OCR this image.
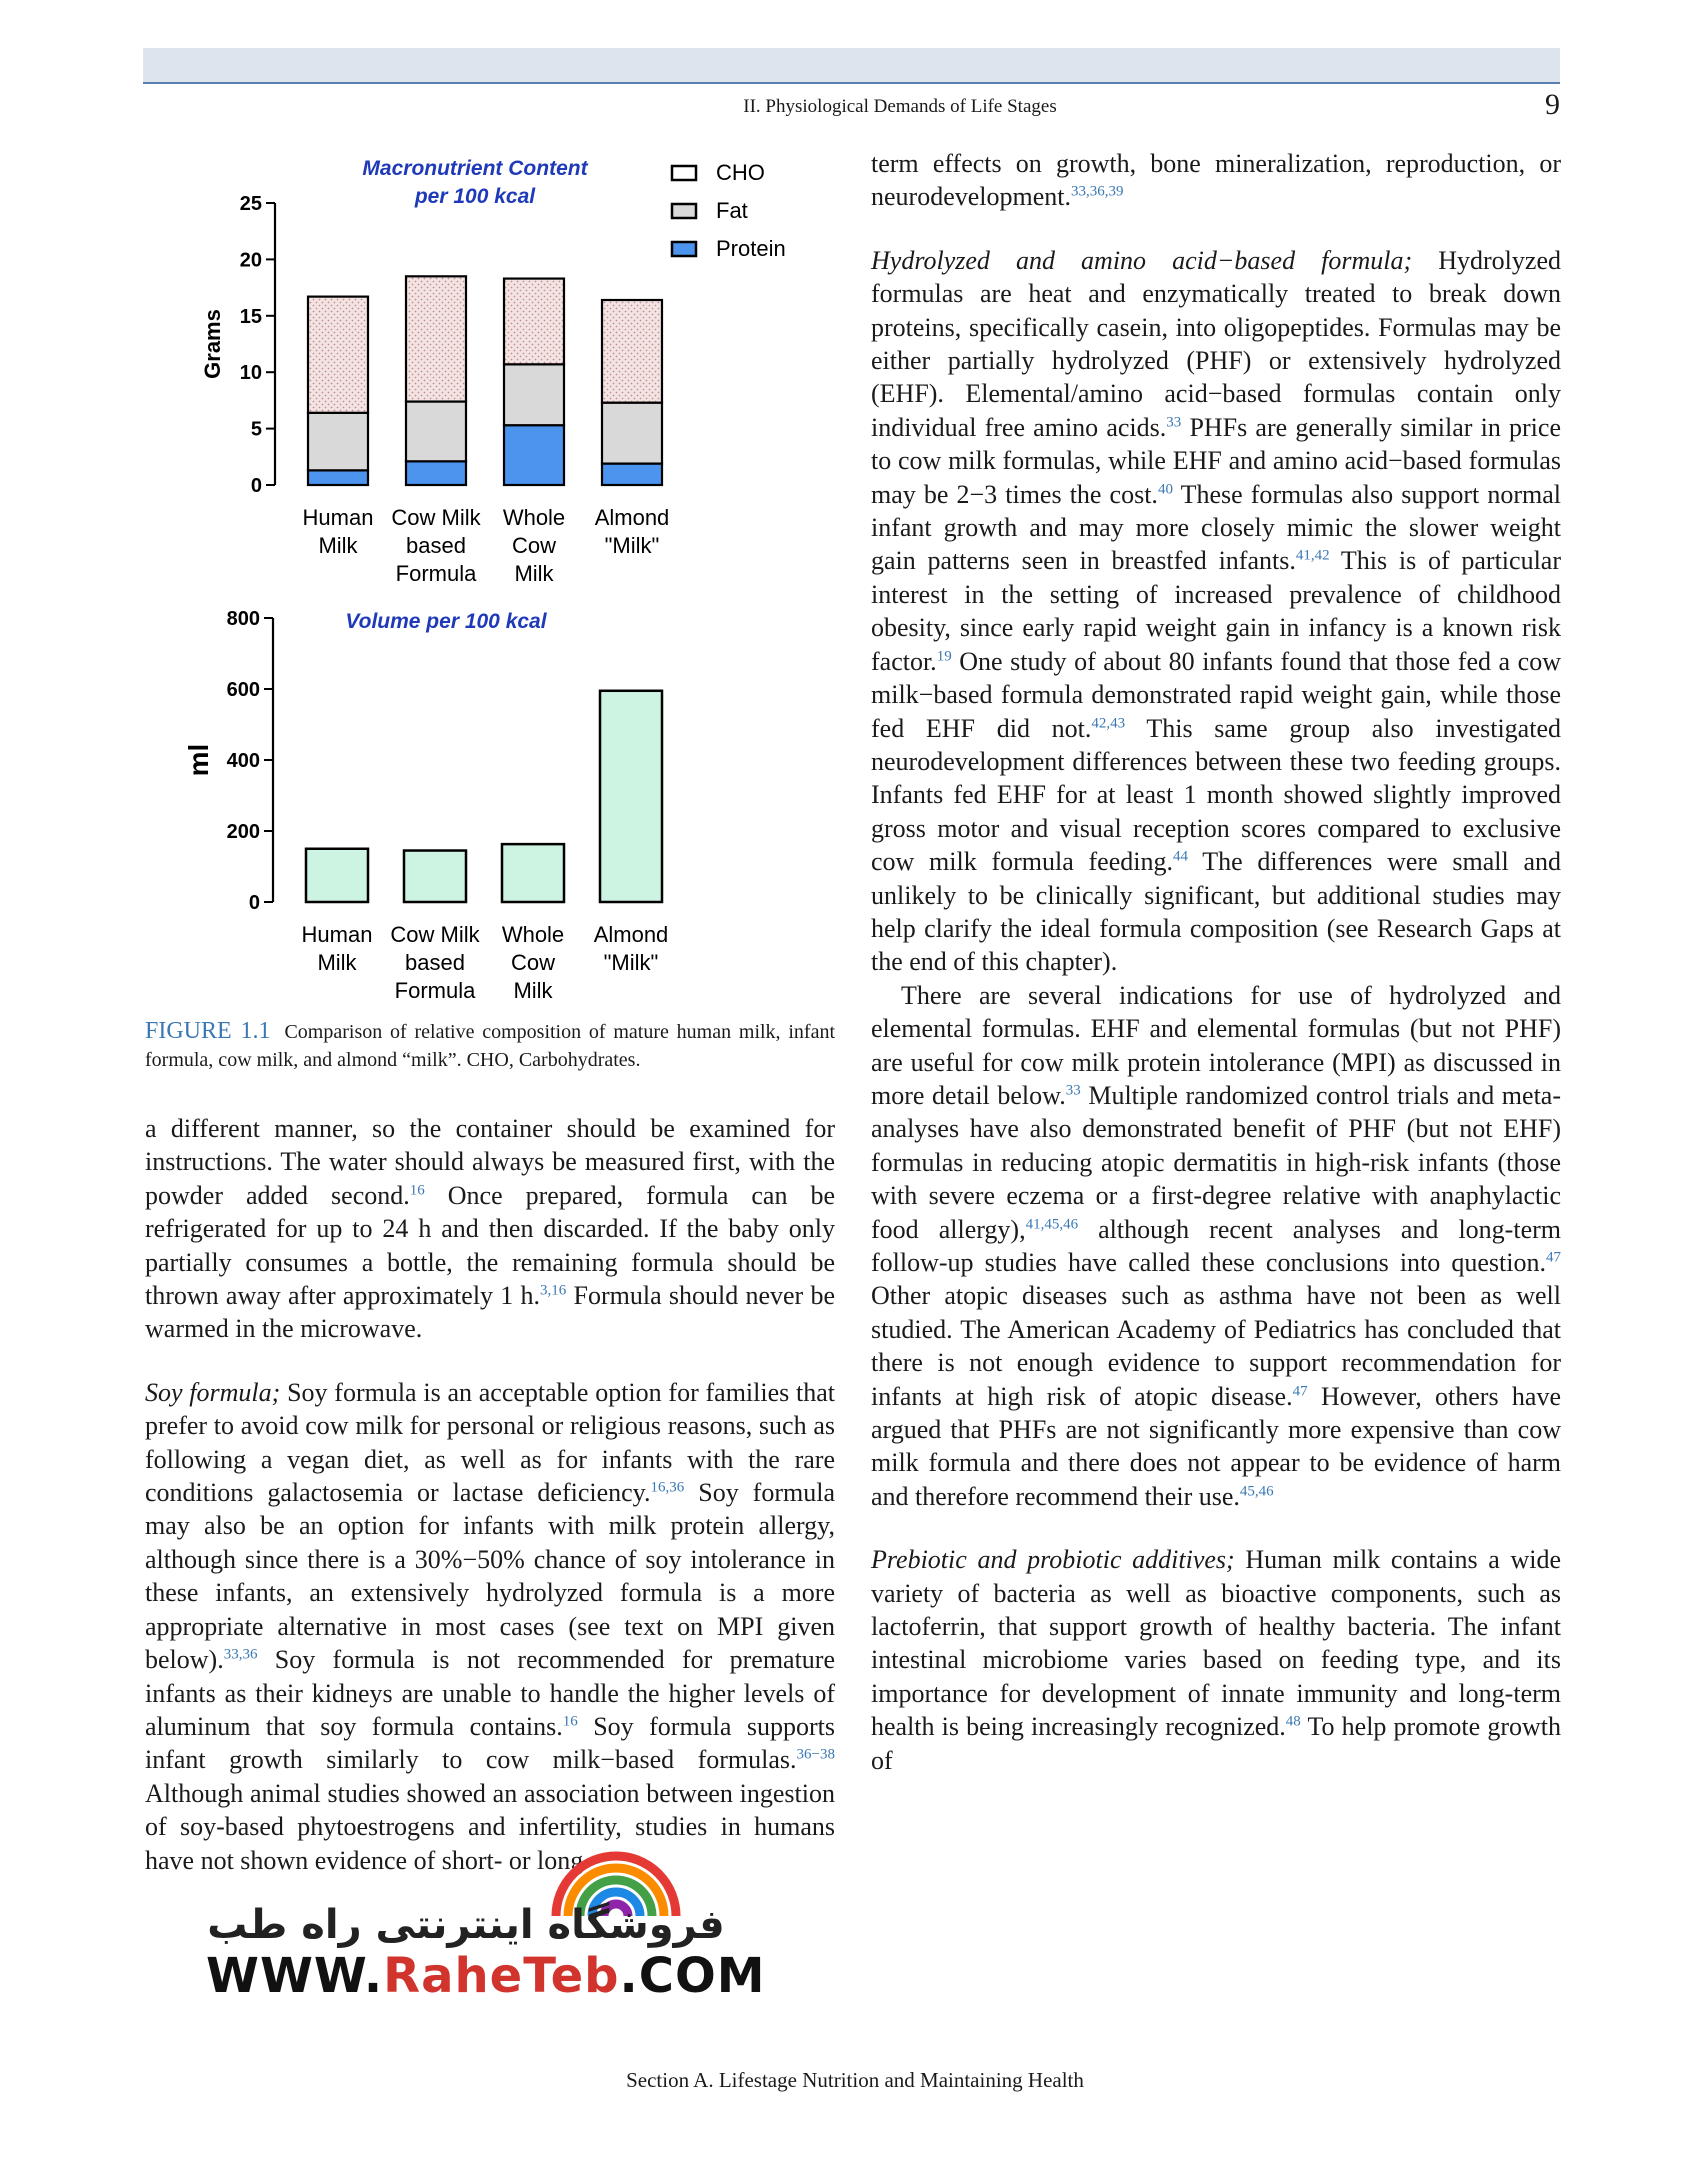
II. Physiological Demands of Life Stages	9
Macronutrient Content
per 100 kcal
0
5
10
15
20
25
Grams
Human
Milk
Cow Milk
based
Formula
Whole
Cow
Milk
Almond
"Milk"
CHO
Fat
Protein
Volume per 100 kcal
0
200
400
600
800
ml
Human
Milk
Cow Milk
based
Formula
Whole
Cow
Milk
Almond
"Milk"
FIGURE 1.1 Comparison of relative composition of mature human milk, infant formula, cow milk, and almond “milk”. CHO, Carbohydrates.

a different manner, so the container should be examined for instructions. The water should always be measured first, with the powder added second.$^{16}$ Once prepared, formula can be refrigerated for up to 24 h and then discarded. If the baby only partially consumes a bottle, the remaining formula should be thrown away after approximately 1 h.$^{3,16}$ Formula should never be warmed in the microwave.

Soy formula; Soy formula is an acceptable option for families that prefer to avoid cow milk for personal or religious reasons, such as following a vegan diet, as well as for infants with the rare conditions galactosemia or lactase deficiency.$^{16,36}$ Soy formula may also be an option for infants with milk protein allergy, although since there is a 30%−50% chance of soy intolerance in these infants, an extensively hydrolyzed formula is a more appropriate alternative in most cases (see text on MPI given below).$^{33,36}$ Soy formula is not recommended for premature infants as their kidneys are unable to handle the higher levels of aluminum that soy formula contains.$^{16}$ Soy formula supports infant growth similarly to cow milk−based formulas.$^{36-38}$ Although animal studies showed an association between ingestion of soy-based phytoestrogens and infertility, studies in humans have not shown evidence of short- or long-

term effects on growth, bone mineralization, reproduction, or neurodevelopment.$^{33,36,39}$

Hydrolyzed and amino acid−based formula; Hydrolyzed formulas are heat and enzymatically treated to break down proteins, specifically casein, into oligopeptides. Formulas may be either partially hydrolyzed (PHF) or extensively hydrolyzed (EHF). Elemental/amino acid−based formulas contain only individual free amino acids.$^{33}$ PHFs are generally similar in price to cow milk formulas, while EHF and amino acid−based formulas may be 2−3 times the cost.$^{40}$ These formulas also support normal infant growth and may more closely mimic the slower weight gain patterns seen in breastfed infants.$^{41,42}$ This is of particular interest in the setting of increased prevalence of childhood obesity, since early rapid weight gain in infancy is a known risk factor.$^{19}$ One study of about 80 infants found that those fed a cow milk−based formula demonstrated rapid weight gain, while those fed EHF did not.$^{42,43}$ This same group also investigated neurodevelopment differences between these two feeding groups. Infants fed EHF for at least 1 month showed slightly improved gross motor and visual reception scores compared to exclusive cow milk formula feeding.$^{44}$ The differences were small and unlikely to be clinically significant, but additional studies may help clarify the ideal formula composition (see Research Gaps at the end of this chapter).

There are several indications for use of hydrolyzed and elemental formulas. EHF and elemental formulas (but not PHF) are useful for cow milk protein intolerance (MPI) as discussed in more detail below.$^{33}$ Multiple randomized control trials and meta-analyses have also demonstrated benefit of PHF (but not EHF) formulas in reducing atopic dermatitis in high-risk infants (those with severe eczema or a first-degree relative with anaphylactic food allergy),$^{41,45,46}$ although recent analyses and long-term follow-up studies have called these conclusions into question.$^{47}$ Other atopic diseases such as asthma have not been as well studied. The American Academy of Pediatrics has concluded that there is not enough evidence to support recommendation for infants at high risk of atopic disease.$^{47}$ However, others have argued that PHFs are not significantly more expensive than cow milk formula and there does not appear to be evidence of harm and therefore recommend their use.$^{45,46}$

Prebiotic and probiotic additives; Human milk contains a wide variety of bacteria as well as bioactive components, such as lactoferrin, that support growth of healthy bacteria. The infant intestinal microbiome varies based on feeding type, and its importance for development of innate immunity and long-term health is being increasingly recognized.$^{48}$ To help promote growth of

فروشگاه اینترنتی راه طب
WWW.RaheTeb.COM
Section A. Lifestage Nutrition and Maintaining Health
